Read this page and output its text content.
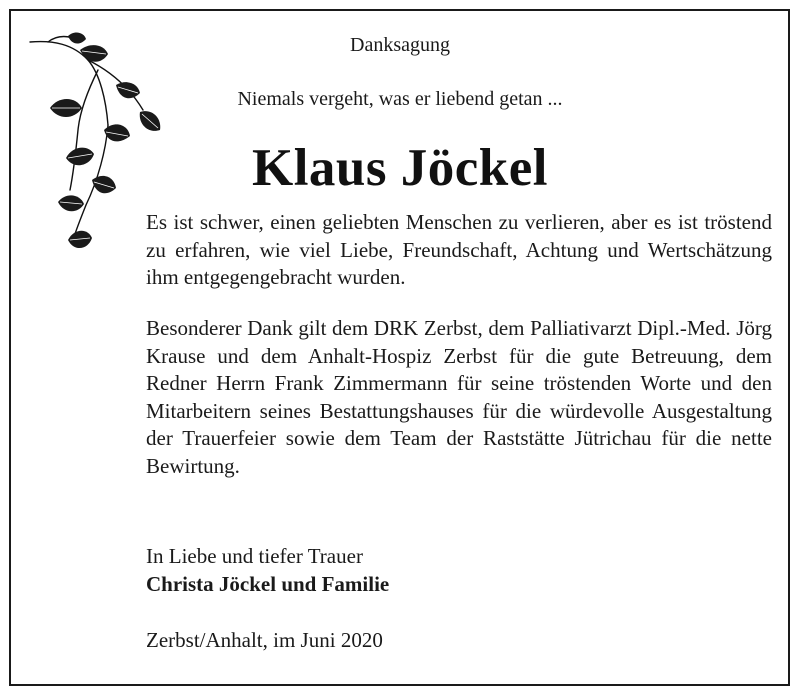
Danksagung
Niemals vergeht, was er liebend getan ...
Klaus Jöckel
Es ist schwer, einen geliebten Menschen zu verlieren, aber es ist tröstend zu erfahren, wie viel Liebe, Freundschaft, Achtung und Wertschätzung ihm entgegengebracht wurden.
Besonderer Dank gilt dem DRK Zerbst, dem Palliativarzt Dipl.-Med. Jörg Krause und dem Anhalt-Hospiz Zerbst für die gute Betreuung, dem Redner Herrn Frank Zimmermann für seine tröstenden Worte und den Mitarbeitern seines Bestattungshauses für die würdevolle Ausgestaltung der Trauerfeier sowie dem Team der Raststätte Jütrichau für die nette Bewirtung.
In Liebe und tiefer Trauer
Christa Jöckel und Familie
Zerbst/Anhalt, im Juni 2020
